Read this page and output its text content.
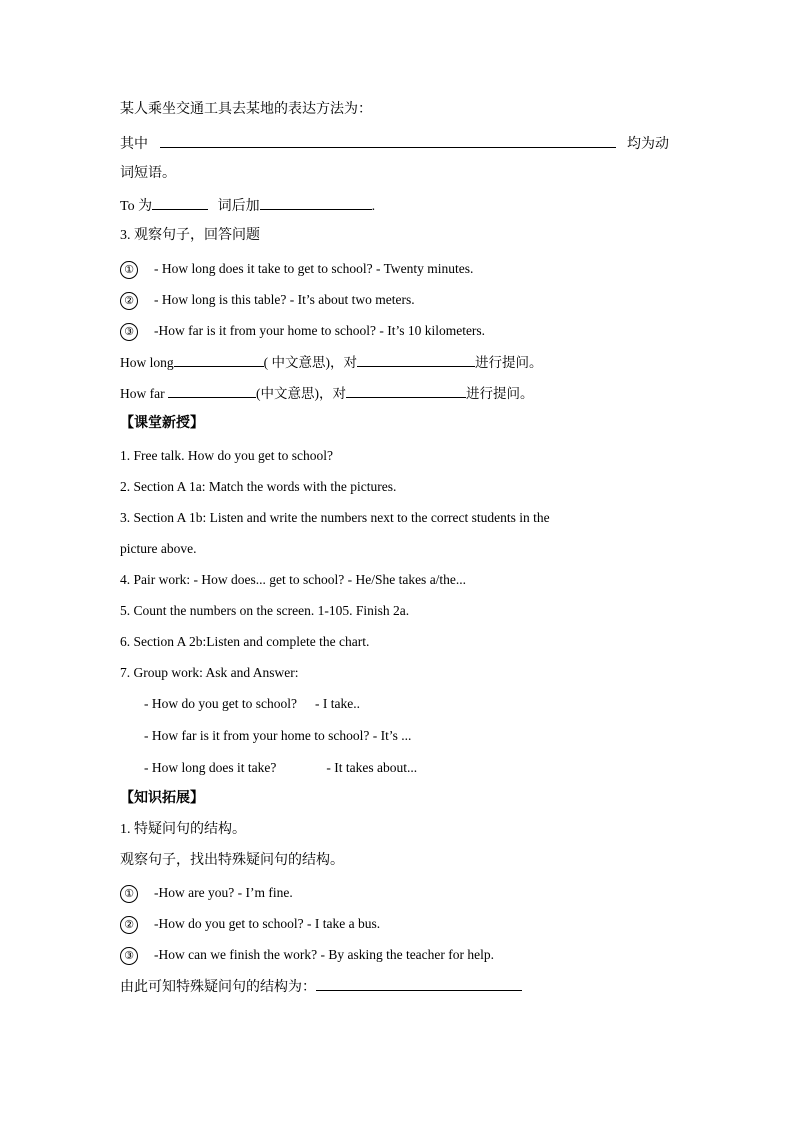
某人乘坐交通工具去某地的表达方法为：
其中	均为动
词短语。
To 为	词后加	.
3. 观察句子，回答问题
① - How long does it take to get to school? - Twenty minutes.
② - How long is this table? - It’s about two meters.
③ -How far is it from your home to school? - It’s 10 kilometers.
How long	( 中文意思)，对	进行提问。
How far	(中文意思)，对	进行提问。
【课堂新授】
1. Free talk. How do you get to school?
2. Section A 1a: Match the words with the pictures.
3. Section A 1b: Listen and write the numbers next to the correct students in the
picture above.
4. Pair work: - How does... get to school? - He/She takes a/the...
5. Count the numbers on the screen. 1-105. Finish 2a.
6. Section A 2b:Listen and complete the chart.
7. Group work: Ask and Answer:
- How do you get to school? - I take..
- How far is it from your home to school? - It’s ...
- How long does it take?	- It takes about...
【知识拓展】
1. 特疑问句的结构。
观察句子，找出特殊疑问句的结构。
① -How are you? - I’m fine.
② -How do you get to school? - I take a bus.
③ -How can we finish the work? - By asking the teacher for help.
由此可知特殊疑问句的结构为：
